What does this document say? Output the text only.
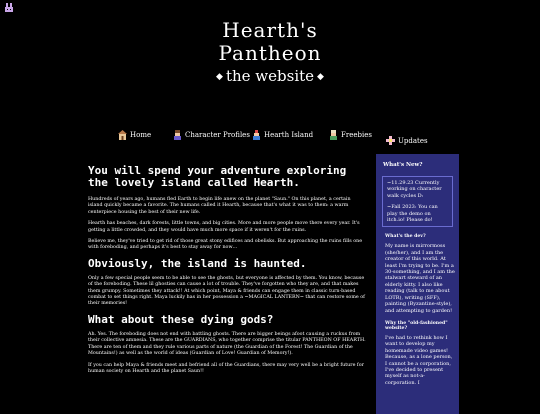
Hearth's
Pantheon
◆ the website ◆
Home	Character Profiles Hearth Island	Freebies
Updates
You will spend your adventure exploring the lovely island called Hearth.

Hundreds of years ago, humans fled Earth to begin life anew on the planet "Saun." On this planet, a certain island quickly became a favorite. The humans called it Hearth, because that's what it was to them: a warm centerpiece housing the best of their new life.

Hearth has beaches, dark forests, little towns, and big cities. More and more people move there every year. It's getting a little crowded, and they would have much more space if it weren't for the ruins.

Believe me, they've tried to get rid of those great stony edifices and obelisks. But approaching the ruins fills one with foreboding, and perhaps it's best to stay away for now…

Obviously, the island is haunted.

Only a few special people seem to be able to see the ghosts, but everyone is affected by them. You know, because of the foreboding. These lil ghosties can cause a lot of trouble. They've forgotten who they are, and that makes them grumpy. Sometimes they attack!! At which point, Maya & friends can engage them in classic turn-based combat to set things right. Maya luckily has in her possession a ~MAGICAL LANTERN~ that can restore some of their memories!

What about these dying gods?

Ah. Yes. The foreboding does not end with battling ghosts. There are bigger beings afoot causing a ruckus from their collective amnesia. These are the GUARDIANS, who together comprise the titular PANTHEON OF HEARTH. There are ten of them and they rule various parts of nature (the Guardian of the Forest! The Guardian of the Mountains!) as well as the world of ideas (Guardian of Love! Guardian of Memory!).

If you can help Maya & friends meet and befriend all of the Guardians, there may very well be a bright future for human society on Hearth and the planet Saun!!

What's New?

~11.29.23 Currently working on character walk cycles D:

~Fall 2023: You can play the demo on itch.io! Please do!

What's the dev?
My name is mirrormoss (she/her), and I am the creator of this world. At least I'm trying to be. I'm a 30-something, and I am the stalwart steward of an elderly kitty. I also like reading (talk to me about LOTR), writing (SFF), painting (Byzantine-style), and attempting to garden!
Why the "old-fashioned" website?
I've had to rethink how I want to develop my homemade video games! Because, as a lone person, I cannot be a corporation, I've decided to present myself as not-a-corporation. I
